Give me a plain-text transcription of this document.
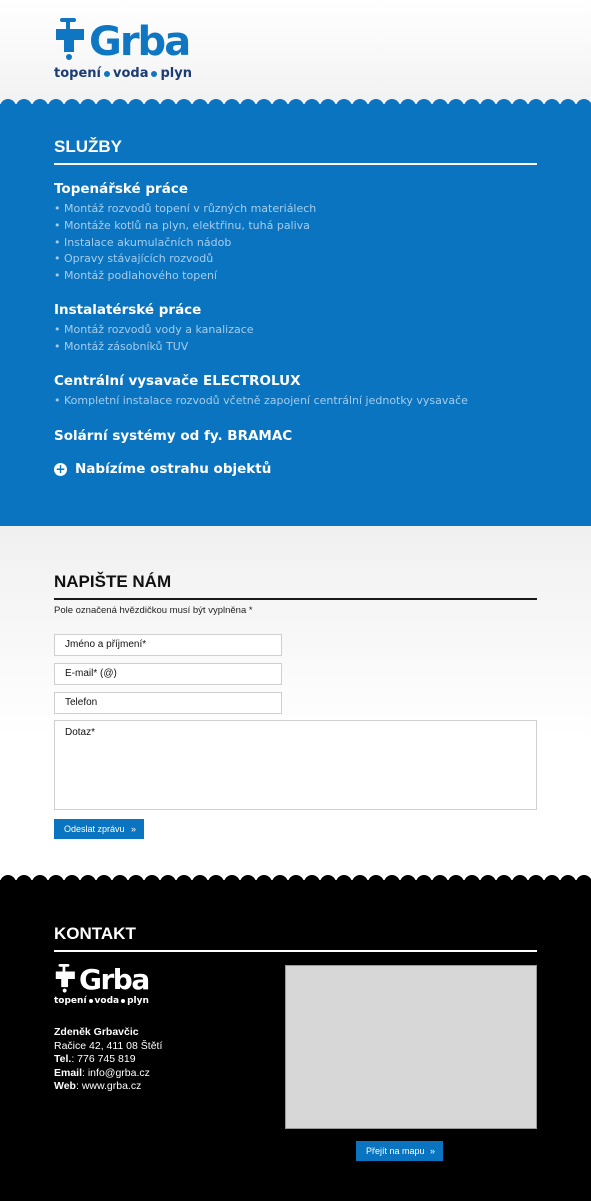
Grba
topení voda plyn
SLUŽBY
Topenářské práce
• Montáž rozvodů topení v různých materiálech
• Montáže kotlů na plyn, elektřinu, tuhá paliva
• Instalace akumulačních nádob
• Opravy stávajících rozvodů
• Montáž podlahového topení
Instalatérské práce
• Montáž rozvodů vody a kanalizace
• Montáž zásobníků TUV
Centrální vysavače ELECTROLUX
• Kompletní instalace rozvodů včetně zapojení centrální jednotky vysavače
Solární systémy od fy. BRAMAC
+ Nabízíme ostrahu objektů
NAPIŠTE NÁM
Pole označená hvězdičkou musí být vyplněna *
Jméno a příjmení*
E-mail* (@)
Telefon
Dotaz*
Odeslat zprávu »
KONTAKT
Grba
topení voda plyn
Zdeněk Grbavčic
Račice 42, 411 08 Štětí
Tel.: 776 745 819
Email: info@grba.cz
Web: www.grba.cz
Přejít na mapu »
